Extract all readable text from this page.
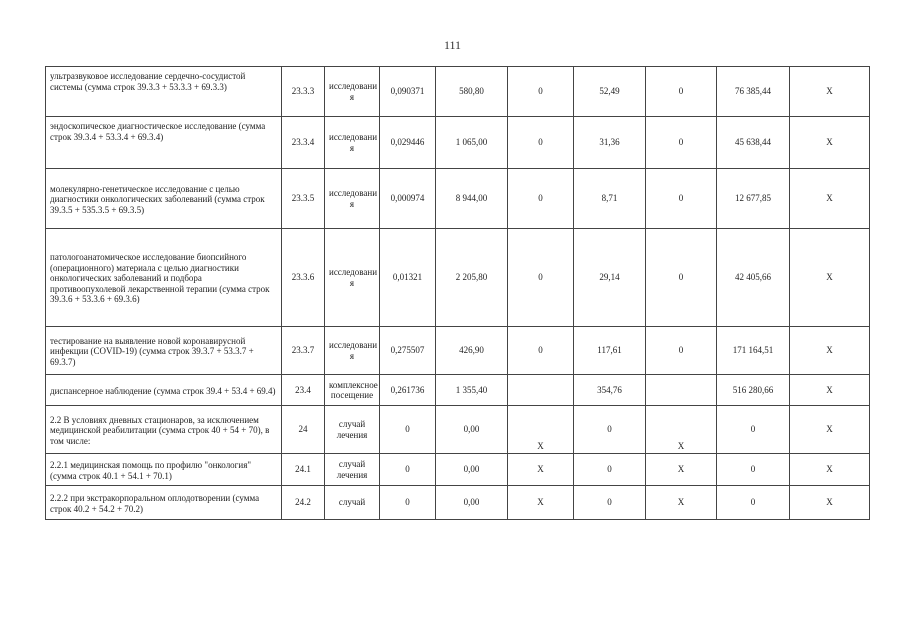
111
ультразвуковое исследование сердечно-сосудистой системы (сумма строк 39.3.3 + 53.3.3 + 69.3.3)	23.3.3	исследовани я	0,090371	580,80	0	52,49	0	76 385,44	Х
эндоскопическое диагностическое исследование (сумма строк 39.3.4 + 53.3.4 + 69.3.4)	23.3.4	исследовани я	0,029446	1 065,00	0	31,36	0	45 638,44	Х
молекулярно-генетическое исследование с целью диагностики онкологических заболеваний (сумма строк 39.3.5 + 535.3.5 + 69.3.5)	23.3.5	исследовани я	0,000974	8 944,00	0	8,71	0	12 677,85	Х
патологоанатомическое исследование биопсийного (операционного) материала с целью диагностики онкологических заболеваний и подбора противоопухолевой лекарственной терапии (сумма строк 39.3.6 + 53.3.6 + 69.3.6)	23.3.6	исследовани я	0,01321	2 205,80	0	29,14	0	42 405,66	Х
тестирование на выявление новой коронавирусной инфекции (COVID-19) (сумма строк 39.3.7 + 53.3.7 + 69.3.7)	23.3.7	исследовани я	0,275507	426,90	0	117,61	0	171 164,51	Х
диспансерное наблюдение (сумма строк 39.4 + 53.4 + 69.4)	23.4	комплексное посещение	0,261736	1 355,40		354,76		516 280,66	Х
2.2 В условиях дневных стационаров, за исключением медицинской реабилитации (сумма строк 40 + 54 + 70), в том числе:	24	случай лечения	0	0,00	Х	0	Х	0	Х
2.2.1 медицинская помощь по профилю "онкология" (сумма строк 40.1 + 54.1 + 70.1)	24.1	случай лечения	0	0,00	Х	0	Х	0	Х
2.2.2 при экстракорпоральном оплодотворении (сумма строк 40.2 + 54.2 + 70.2)	24.2	случай	0	0,00	Х	0	Х	0	Х
